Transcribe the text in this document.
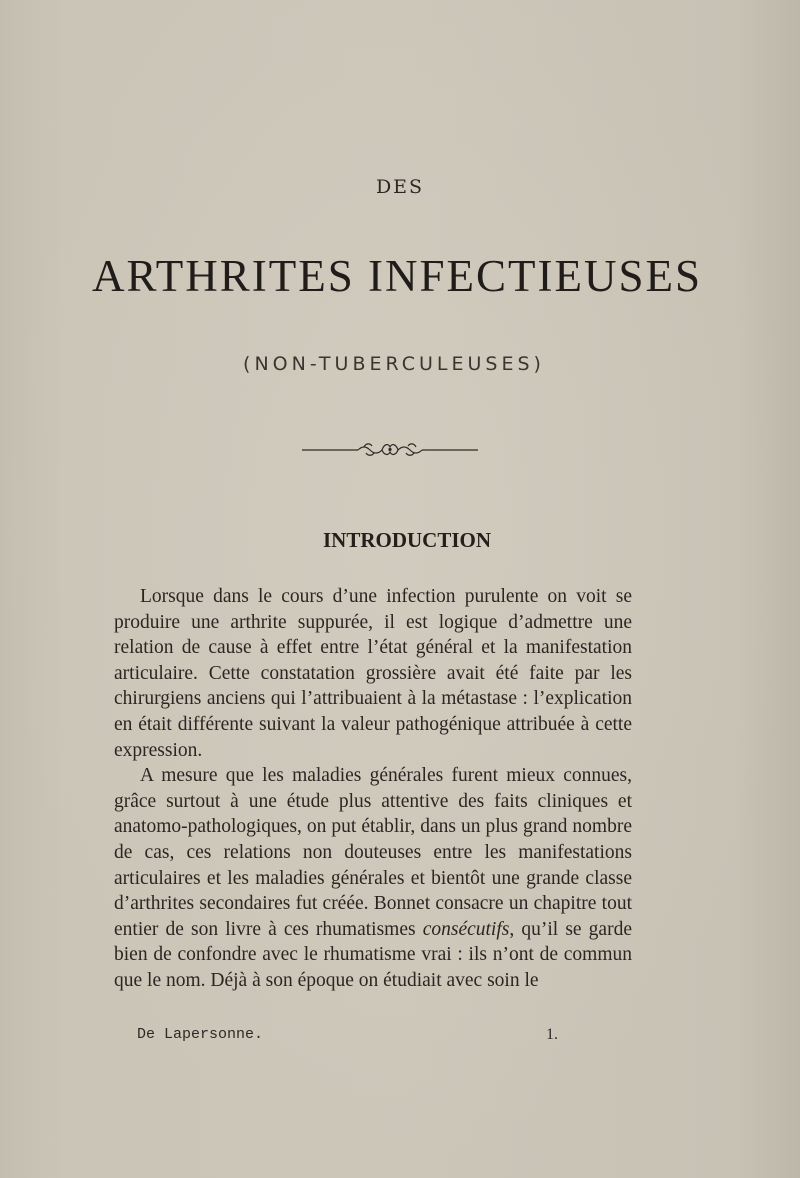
DES
ARTHRITES INFECTIEUSES
(NON-TUBERCULEUSES)
INTRODUCTION

Lorsque dans le cours d’une infection purulente on voit se produire une arthrite suppurée, il est logique d’admettre une relation de cause à effet entre l’état général et la manifestation articulaire. Cette constatation grossière avait été faite par les chirurgiens anciens qui l’attribuaient à la métastase : l’explication en était différente suivant la valeur pathogénique attribuée à cette expression.

A mesure que les maladies générales furent mieux connues, grâce surtout à une étude plus attentive des faits cliniques et anatomo-pathologiques, on put établir, dans un plus grand nombre de cas, ces relations non douteuses entre les manifestations articulaires et les maladies générales et bientôt une grande classe d’arthrites secondaires fut créée. Bonnet consacre un chapitre tout entier de son livre à ces rhumatismes consécutifs, qu’il se garde bien de confondre avec le rhumatisme vrai : ils n’ont de commun que le nom. Déjà à son époque on étudiait avec soin le

De Lapersonne.	1.
